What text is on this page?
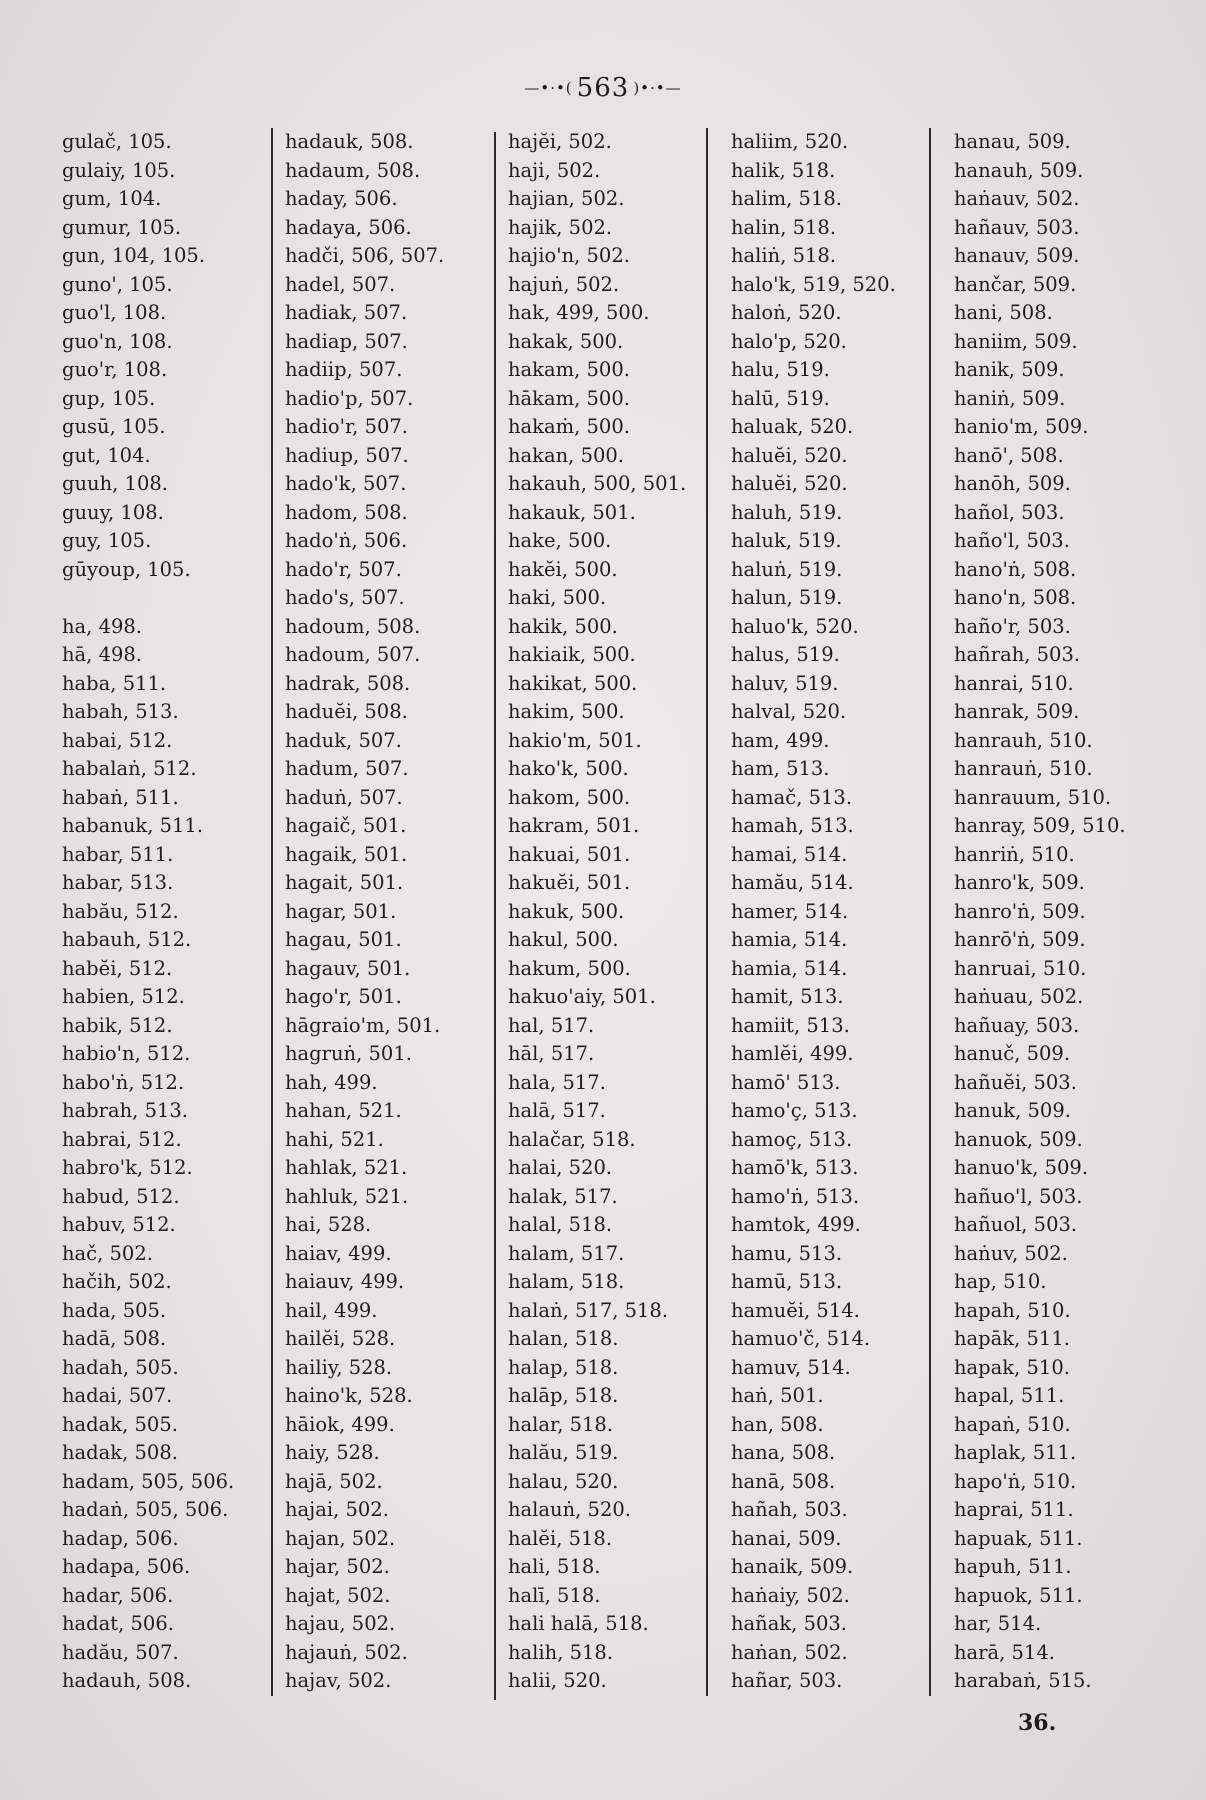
—•·•( 563 )•·•—
gulač, 105.
gulaiy, 105.
gum, 104.
gumur, 105.
gun, 104, 105.
guno', 105.
guo'l, 108.
guo'n, 108.
guo'r, 108.
gup, 105.
gusū, 105.
gut, 104.
guuh, 108.
guuy, 108.
guy, 105.
gūyoup, 105.
ha, 498.
hā, 498.
haba, 511.
habah, 513.
habai, 512.
habalaṅ, 512.
habaṅ, 511.
habanuk, 511.
habar, 511.
habar, 513.
habău, 512.
habauh, 512.
habĕi, 512.
habien, 512.
habik, 512.
habio'n, 512.
habo'ṅ, 512.
habrah, 513.
habrai, 512.
habro'k, 512.
habud, 512.
habuv, 512.
hač, 502.
hačih, 502.
hada, 505.
hadā, 508.
hadah, 505.
hadai, 507.
hadak, 505.
hadak, 508.
hadam, 505, 506.
hadaṅ, 505, 506.
hadap, 506.
hadapa, 506.
hadar, 506.
hadat, 506.
hadău, 507.
hadauh, 508.
hadauk, 508.
hadaum, 508.
haday, 506.
hadaya, 506.
hadči, 506, 507.
hadel, 507.
hadiak, 507.
hadiap, 507.
hadiip, 507.
hadio'p, 507.
hadio'r, 507.
hadiup, 507.
hado'k, 507.
hadom, 508.
hado'ṅ, 506.
hado'r, 507.
hado's, 507.
hadoum, 508.
hadoum, 507.
hadrak, 508.
haduĕi, 508.
haduk, 507.
hadum, 507.
haduṅ, 507.
hagaič, 501.
hagaik, 501.
hagait, 501.
hagar, 501.
hagau, 501.
hagauv, 501.
hago'r, 501.
hāgraio'm, 501.
hagruṅ, 501.
hah, 499.
hahan, 521.
hahi, 521.
hahlak, 521.
hahluk, 521.
hai, 528.
haiav, 499.
haiauv, 499.
hail, 499.
hailĕi, 528.
hailiy, 528.
haino'k, 528.
hāiok, 499.
haiy, 528.
hajā, 502.
hajai, 502.
hajan, 502.
hajar, 502.
hajat, 502.
hajau, 502.
hajauṅ, 502.
hajav, 502.
hajĕi, 502.
haji, 502.
hajian, 502.
hajik, 502.
hajio'n, 502.
hajuṅ, 502.
hak, 499, 500.
hakak, 500.
hakam, 500.
hākam, 500.
hakaṁ, 500.
hakan, 500.
hakauh, 500, 501.
hakauk, 501.
hake, 500.
hakĕi, 500.
haki, 500.
hakik, 500.
hakiaik, 500.
hakikat, 500.
hakim, 500.
hakio'm, 501.
hako'k, 500.
hakom, 500.
hakram, 501.
hakuai, 501.
hakuĕi, 501.
hakuk, 500.
hakul, 500.
hakum, 500.
hakuo'aiy, 501.
hal, 517.
hāl, 517.
hala, 517.
halā, 517.
halačar, 518.
halai, 520.
halak, 517.
halal, 518.
halam, 517.
halam, 518.
halaṅ, 517, 518.
halan, 518.
halap, 518.
halāp, 518.
halar, 518.
halău, 519.
halau, 520.
halauṅ, 520.
halĕi, 518.
hali, 518.
halī, 518.
hali halā, 518.
halih, 518.
halii, 520.
haliim, 520.
halik, 518.
halim, 518.
halin, 518.
haliṅ, 518.
halo'k, 519, 520.
haloṅ, 520.
halo'p, 520.
halu, 519.
halū, 519.
haluak, 520.
haluĕi, 520.
haluĕi, 520.
haluh, 519.
haluk, 519.
haluṅ, 519.
halun, 519.
haluo'k, 520.
halus, 519.
haluv, 519.
halval, 520.
ham, 499.
ham, 513.
hamač, 513.
hamah, 513.
hamai, 514.
hamău, 514.
hamer, 514.
hamia, 514.
hamia, 514.
hamit, 513.
hamiit, 513.
hamlĕi, 499.
hamō' 513.
hamo'ç, 513.
hamoç, 513.
hamō'k, 513.
hamo'ṅ, 513.
hamtok, 499.
hamu, 513.
hamū, 513.
hamuĕi, 514.
hamuo'č, 514.
hamuv, 514.
haṅ, 501.
han, 508.
hana, 508.
hanā, 508.
hañah, 503.
hanai, 509.
hanaik, 509.
haṅaiy, 502.
hañak, 503.
haṅan, 502.
hañar, 503.
hanau, 509.
hanauh, 509.
haṅauv, 502.
hañauv, 503.
hanauv, 509.
hančar, 509.
hani, 508.
haniim, 509.
hanik, 509.
haniṅ, 509.
hanio'm, 509.
hanō', 508.
hanōh, 509.
hañol, 503.
haño'l, 503.
hano'ṅ, 508.
hano'n, 508.
haño'r, 503.
hañrah, 503.
hanrai, 510.
hanrak, 509.
hanrauh, 510.
hanrauṅ, 510.
hanrauum, 510.
hanray, 509, 510.
hanriṅ, 510.
hanro'k, 509.
hanro'ṅ, 509.
hanrō'ṅ, 509.
hanruai, 510.
haṅuau, 502.
hañuay, 503.
hanuč, 509.
hañuĕi, 503.
hanuk, 509.
hanuok, 509.
hanuo'k, 509.
hañuo'l, 503.
hañuol, 503.
haṅuv, 502.
hap, 510.
hapah, 510.
hapāk, 511.
hapak, 510.
hapal, 511.
hapaṅ, 510.
haplak, 511.
hapo'ṅ, 510.
haprai, 511.
hapuak, 511.
hapuh, 511.
hapuok, 511.
har, 514.
harā, 514.
harabaṅ, 515.
36.
